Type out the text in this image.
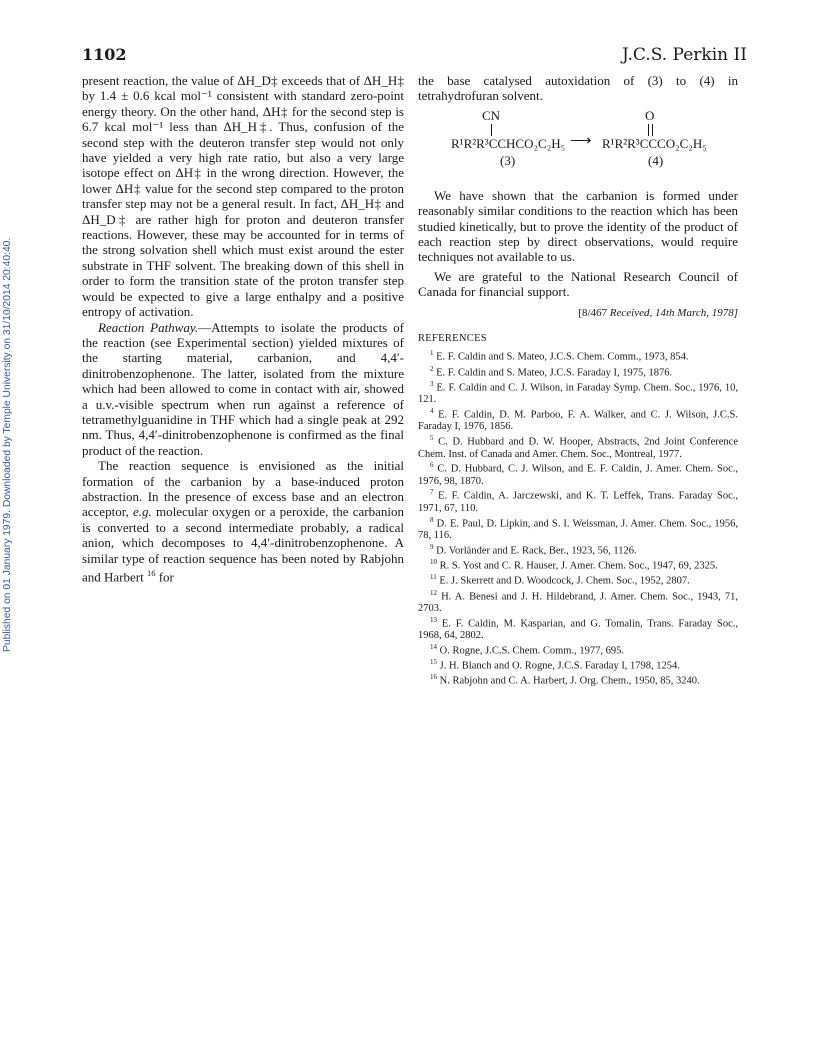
1102	J.C.S. Perkin II
Published on 01 January 1979. Downloaded by Temple University on 31/10/2014 20:40:40.

present reaction, the value of ΔH_D‡ exceeds that of ΔH_H‡ by 1.4 ± 0.6 kcal mol⁻¹ consistent with standard zero-point energy theory. On the other hand, ΔH‡ for the second step is 6.7 kcal mol⁻¹ less than ΔH_H‡. Thus, confusion of the second step with the deuteron transfer step would not only have yielded a very high rate ratio, but also a very large isotope effect on ΔH‡ in the wrong direction. However, the lower ΔH‡ value for the second step compared to the proton transfer step may not be a general result. In fact, ΔH_H‡ and ΔH_D‡ are rather high for proton and deuteron transfer reactions. However, these may be accounted for in terms of the strong solvation shell which must exist around the ester substrate in THF solvent. The breaking down of this shell in order to form the transition state of the proton transfer step would be expected to give a large enthalpy and a positive entropy of activation.

Reaction Pathway.—Attempts to isolate the products of the reaction (see Experimental section) yielded mixtures of the starting material, carbanion, and 4,4′-dinitrobenzophenone. The latter, isolated from the mixture which had been allowed to come in contact with air, showed a u.v.-visible spectrum when run against a reference of tetramethylguanidine in THF which had a single peak at 292 nm. Thus, 4,4′-dinitrobenzophenone is confirmed as the final product of the reaction.

The reaction sequence is envisioned as the initial formation of the carbanion by a base-induced proton abstraction. In the presence of excess base and an electron acceptor, e.g. molecular oxygen or a peroxide, the carbanion is converted to a second intermediate probably, a radical anion, which decomposes to 4,4′-dinitrobenzophenone. A similar type of reaction sequence has been noted by Rabjohn and Harbert $^{16}$ for

the base catalysed autoxidation of (3) to (4) in tetrahydrofuran solvent.

CN
R¹R²R³CCHCO₂C₂H₅ ⟶
O
R¹R²R³CCCO₂C₂H₅
(3)	(4)

We have shown that the carbanion is formed under reasonably similar conditions to the reaction which has been studied kinetically, but to prove the identity of the product of each reaction step by direct observations, would require techniques not available to us.

We are grateful to the National Research Council of Canada for financial support.

[8/467 Received, 14th March, 1978]

REFERENCES

$^1$ E. F. Caldin and S. Mateo, J.C.S. Chem. Comm., 1973, 854.

$^2$ E. F. Caldin and S. Mateo, J.C.S. Faraday I, 1975, 1876.

$^3$ E. F. Caldin and C. J. Wilson, in Faraday Symp. Chem. Soc., 1976, 10, 121.

$^4$ E. F. Caldin, D. M. Parboo, F. A. Walker, and C. J. Wilson, J.C.S. Faraday I, 1976, 1856.

$^5$ C. D. Hubbard and D. W. Hooper, Abstracts, 2nd Joint Conference Chem. Inst. of Canada and Amer. Chem. Soc., Montreal, 1977.

$^6$ C. D. Hubbard, C. J. Wilson, and E. F. Caldin, J. Amer. Chem. Soc., 1976, 98, 1870.

$^7$ E. F. Caldin, A. Jarczewski, and K. T. Leffek, Trans. Faraday Soc., 1971, 67, 110.

$^8$ D. E. Paul, D. Lipkin, and S. I. Weissman, J. Amer. Chem. Soc., 1956, 78, 116.

$^9$ D. Vorländer and E. Rack, Ber., 1923, 56, 1126.

$^{10}$ R. S. Yost and C. R. Hauser, J. Amer. Chem. Soc., 1947, 69, 2325.

$^{11}$ E. J. Skerrett and D. Woodcock, J. Chem. Soc., 1952, 2807.

$^{12}$ H. A. Benesi and J. H. Hildebrand, J. Amer. Chem. Soc., 1943, 71, 2703.

$^{13}$ E. F. Caldin, M. Kasparian, and G. Tomalin, Trans. Faraday Soc., 1968, 64, 2802.

$^{14}$ O. Rogne, J.C.S. Chem. Comm., 1977, 695.

$^{15}$ J. H. Blanch and O. Rogne, J.C.S. Faraday I, 1798, 1254.

$^{16}$ N. Rabjohn and C. A. Harbert, J. Org. Chem., 1950, 85, 3240.
